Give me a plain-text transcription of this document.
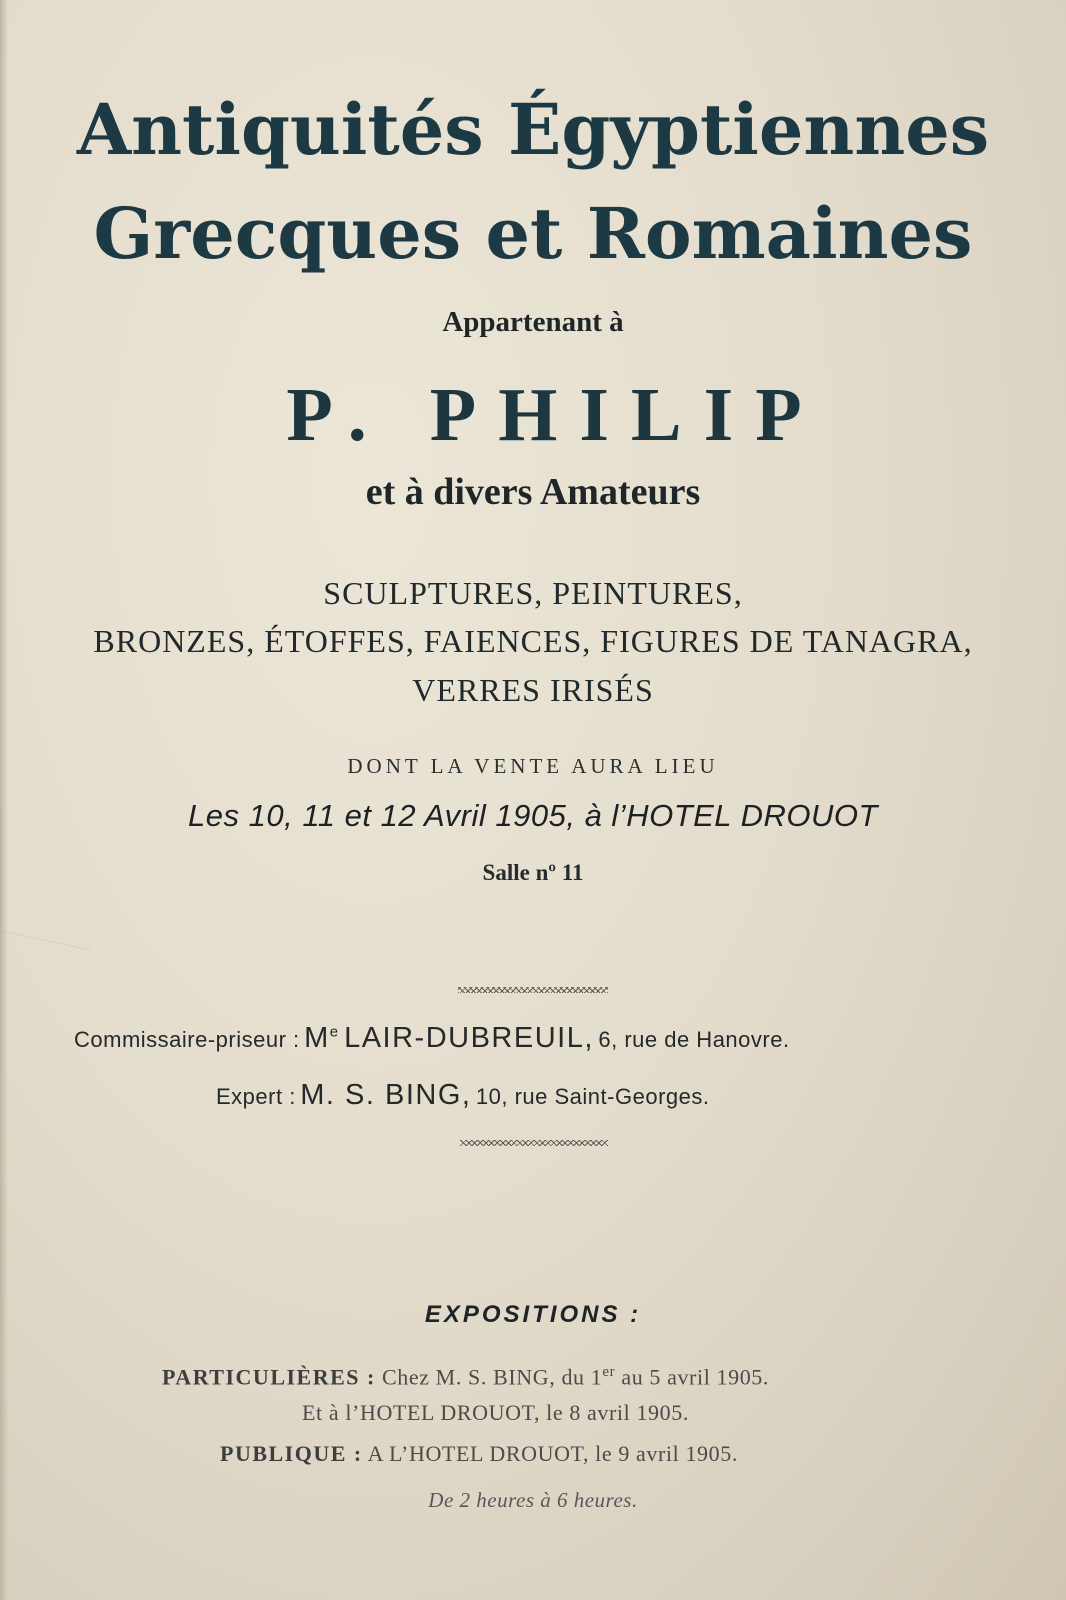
Antiquités Égyptiennes
Grecques et Romaines
Appartenant à
P. PHILIP
et à divers Amateurs
SCULPTURES, PEINTURES,
BRONZES, ÉTOFFES, FAIENCES, FIGURES DE TANAGRA,
VERRES IRISÉS
DONT LA VENTE AURA LIEU
Les 10, 11 et 12 Avril 1905, à l’HOTEL DROUOT
Salle nº 11
Commissaire-priseur : Me LAIR-DUBREUIL, 6, rue de Hanovre.
Expert : M. S. BING, 10, rue Saint-Georges.
EXPOSITIONS :
PARTICULIÈRES : Chez M. S. BING, du 1er au 5 avril 1905.
Et à l’HOTEL DROUOT, le 8 avril 1905.
PUBLIQUE : A L’HOTEL DROUOT, le 9 avril 1905.
De 2 heures à 6 heures.
